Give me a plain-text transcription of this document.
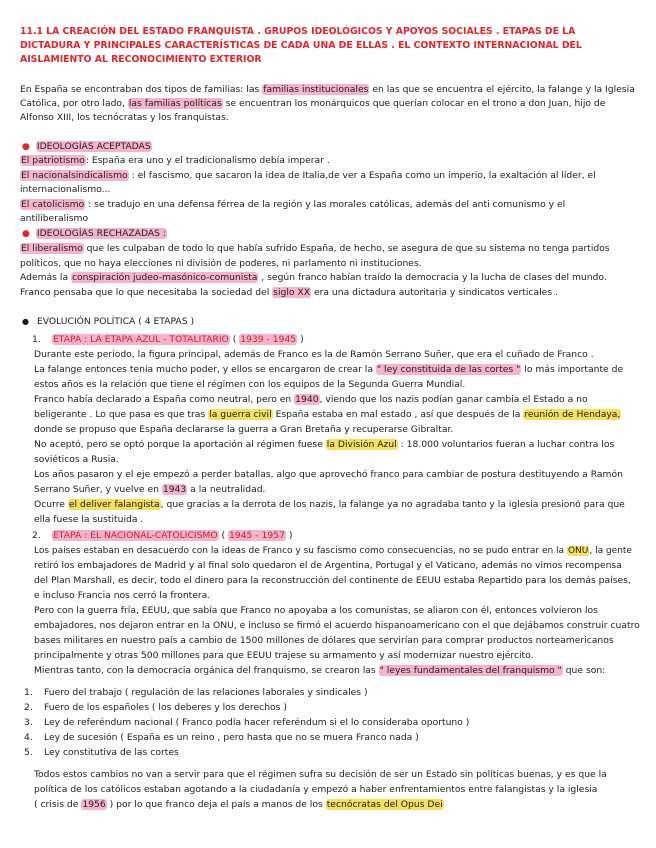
11.1 LA CREACIÓN DEL ESTADO FRANQUISTA . GRUPOS IDEOLÓGICOS Y APOYOS SOCIALES . ETAPAS DE LA
DICTADURA Y PRINCIPALES CARACTERÍSTICAS DE CADA UNA DE ELLAS . EL CONTEXTO INTERNACIONAL DEL
AISLAMIENTO AL RECONOCIMIENTO EXTERIOR
En España se encontraban dos tipos de familias: las familias institucionales en las que se encuentra el ejército, la falange y la Iglesia
Católica, por otro lado, las familias políticas se encuentran los monárquicos que querían colocar en el trono a don Juan, hijo de
Alfonso XIII, los tecnócratas y los franquistas.
● IDEOLOGÍAS ACEPTADAS
El patriotismo: España era uno y el tradicionalismo debía imperar .
El nacionalsindicalismo : el fascismo, que sacaron la idea de Italia,de ver a España como un imperio, la exaltación al líder, el
internacionalismo...
El catolicismo : se tradujo en una defensa férrea de la región y las morales católicas, además del anti comunismo y el
antiliberalismo
● IDEOLOGÍAS RECHAZADAS :
El liberalismo que les culpaban de todo lo que había sufrido España, de hecho, se asegura de que su sistema no tenga partidos
políticos, que no haya elecciones ni división de poderes, ni parlamento ni instituciones.
Además la conspiración judeo-masónico-comunista , según franco habían traído la democracia y la lucha de clases del mundo.
Franco pensaba que lo que necesitaba la sociedad del siglo XX era una dictadura autoritaria y sindicatos verticales .
● EVOLUCIÓN POLÍTICA ( 4 ETAPAS )
1. ETAPA : LA ETAPA AZUL - TOTALITARIO ( 1939 - 1945 )
Durante este periodo, la figura principal, además de Franco es la de Ramón Serrano Suñer, que era el cuñado de Franco .
La falange entonces tenía mucho poder, y ellos se encargaron de crear la " ley constituida de las cortes " lo más importante de
estos años es la relación que tiene el régimen con los equipos de la Segunda Guerra Mundial.
Franco había declarado a España como neutral, pero en 1940, viendo que los nazis podían ganar cambia el Estado a no
beligerante . Lo que pasa es que tras la guerra civil España estaba en mal estado , así que después de la reunión de Hendaya,
donde se propuso que España declararse la guerra a Gran Bretaña y recuperarse Gibraltar.
No aceptó, pero se optó porque la aportación al régimen fuese la División Azul : 18.000 voluntarios fueran a luchar contra los
soviéticos a Rusia.
Los años pasaron y el eje empezó a perder batallas, algo que aprovechó franco para cambiar de postura destituyendo a Ramón
Serrano Suñer, y vuelve en 1943 a la neutralidad.
Ocurre el deliver falangista, que gracias a la derrota de los nazis, la falange ya no agradaba tanto y la iglesia presionó para que
ella fuese la sustituida .
2. ETAPA : EL NACIONAL-CATOLICISMO ( 1945 - 1957 )
Los países estaban en desacuerdo con la ideas de Franco y su fascismo como consecuencias, no se pudo entrar en la ONU, la gente
retiró los embajadores de Madrid y al final solo quedaron el de Argentina, Portugal y el Vaticano, además no vimos recompensa
del Plan Marshall, es decir, todo el dinero para la reconstrucción del continente de EEUU estaba Repartido para los demás países,
e incluso Francia nos cerró la frontera.
Pero con la guerra fría, EEUU, que sabía que Franco no apoyaba a los comunistas, se aliaron con él, entonces volvieron los
embajadores, nos dejaron entrar en la ONU, e incluso se firmó el acuerdo hispanoamericano con el que dejábamos construir cuatro
bases militares en nuestro país a cambio de 1500 millones de dólares que servirían para comprar productos norteamericanos
principalmente y otras 500 millones para que EEUU trajese su armamento y así modernizar nuestro ejército.
Mientras tanto, con la democracia orgánica del franquismo, se crearon las " leyes fundamentales del franquismo " que son:
1. Fuero del trabajo ( regulación de las relaciones laborales y sindicales )
2. Fuero de los españoles ( los deberes y los derechos )
3. Ley de referéndum nacional ( Franco podía hacer referéndum si el lo consideraba oportuno )
4. Ley de sucesión ( España es un reino , pero hasta que no se muera Franco nada )
5. Ley constitutiva de las cortes
Todos estos cambios no van a servir para que el régimen sufra su decisión de ser un Estado sin políticas buenas, y es que la
política de los católicos estaban agotando a la ciudadanía y empezó a haber enfrentamientos entre falangistas y la iglesia
( crisis de 1956 ) por lo que franco deja el país a manos de los tecnócratas del Opus Dei
